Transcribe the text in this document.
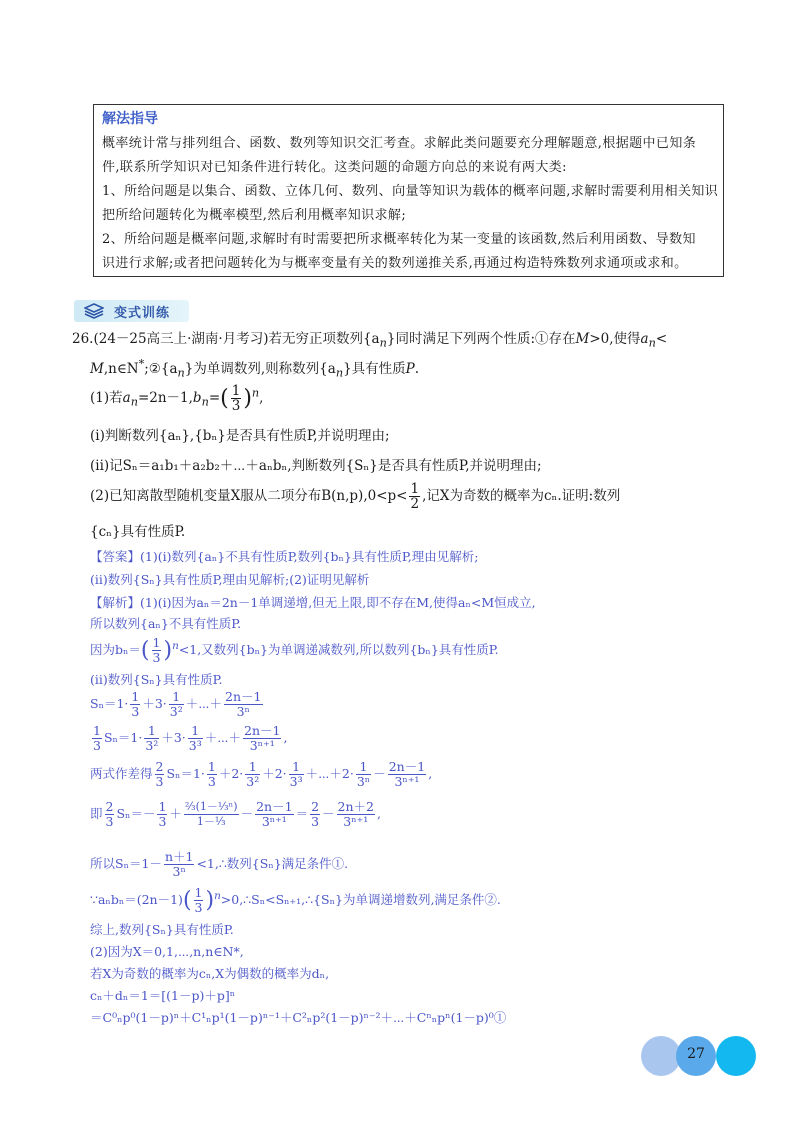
解法指导
概率统计常与排列组合、函数、数列等知识交汇考查。求解此类问题要充分理解题意,根据题中已知条
件,联系所学知识对已知条件进行转化。这类问题的命题方向总的来说有两大类:
1、所给问题是以集合、函数、立体几何、数列、向量等知识为载体的概率问题,求解时需要利用相关知识
把所给问题转化为概率模型,然后利用概率知识求解;
2、所给问题是概率问题,求解时有时需要把所求概率转化为某一变量的该函数,然后利用函数、导数知
识进行求解;或者把问题转化为与概率变量有关的数列递推关系,再通过构造特殊数列求通项或求和。
变式训练
26.(24－25高三上·湖南·月考习)若无穷正项数列$\{a_n\}$同时满足下列两个性质:①存在M>0,使得$a_n<$
$M,n\in N^*;②\{a_n\}$为单调数列,则称数列$\{a_n\}$具有性质P.
(1)若$a_n=2n-1,b_n=( \frac{1}{3} )^n$,
(i)判断数列{aₙ},{bₙ}是否具有性质P,并说明理由;
(ii)记Sₙ＝a₁b₁＋a₂b₂＋⋯＋aₙbₙ,判断数列{Sₙ}是否具有性质P,并说明理由;
(2)已知离散型随机变量X服从二项分布$B(n,p),0<p< \frac{1}{2}$ ,记X为奇数的概率为cₙ.证明:数列
{cₙ}具有性质P.
【答案】(1)(i)数列{aₙ}不具有性质P,数列{bₙ}具有性质P,理由见解析;
(ii)数列{Sₙ}具有性质P,理由见解析;(2)证明见解析
【解析】(1)(i)因为aₙ＝2n－1单调递增,但无上限,即不存在M,使得aₙ<M恒成立,
所以数列{aₙ}不具有性质P.
因为$b_n=( \frac{1}{3} )^n<1$,又数列{bₙ}为单调递减数列,所以数列{bₙ}具有性质P.
(ii)数列{Sₙ}具有性质P.
$S_n=1\cdot \frac{1}{3} +3\cdot \frac{1}{\text{3²}}$ ＋⋯＋ $\frac{2n-1}{\text{3ⁿ}}$
$\frac{1}{3} S_n=1\cdot \frac{1}{\text{3²}} +3\cdot \frac{1}{\text{3³}}$ ＋⋯＋ $\frac{2n-1}{\text{3ⁿ⁺¹}}$ ,
两式作差得 $\frac{2}{3} S_n=1\cdot \frac{1}{3} +2\cdot \frac{1}{\text{3²}} +2\cdot \frac{1}{\text{3³}}$ ＋⋯＋2· $\frac{1}{\text{3ⁿ}} - \frac{2n-1}{\text{3ⁿ⁺¹}}$ ,
即 $\frac{2}{3} S_n=- \frac{1}{3} + \frac{\text{²⁄₃(1－¹⁄₃ⁿ)}}{\text{1－⅓}} - \frac{2n-1}{\text{3ⁿ⁺¹}} = \frac{2}{3} - \frac{2n+2}{\text{3ⁿ⁺¹}}$ ,
所以$S_n=1- \frac{n+1}{\text{3ⁿ}}$ <1,∴数列{Sₙ}满足条件①.
∵aₙbₙ＝(2n－1)( $\frac{1}{3}$ )$^n$>0,∴Sₙ<Sₙ₊₁,∴{Sₙ}为单调递增数列,满足条件②.
综上,数列{Sₙ}具有性质P.
(2)因为X＝0,1,⋯,n,n∈N*,
若X为奇数的概率为cₙ,X为偶数的概率为dₙ,
cₙ＋dₙ＝1＝[(1－p)＋p]ⁿ
＝C⁰ₙp⁰(1－p)ⁿ＋C¹ₙp¹(1－p)ⁿ⁻¹＋C²ₙp²(1－p)ⁿ⁻²＋⋯＋Cⁿₙpⁿ(1－p)⁰①
27
